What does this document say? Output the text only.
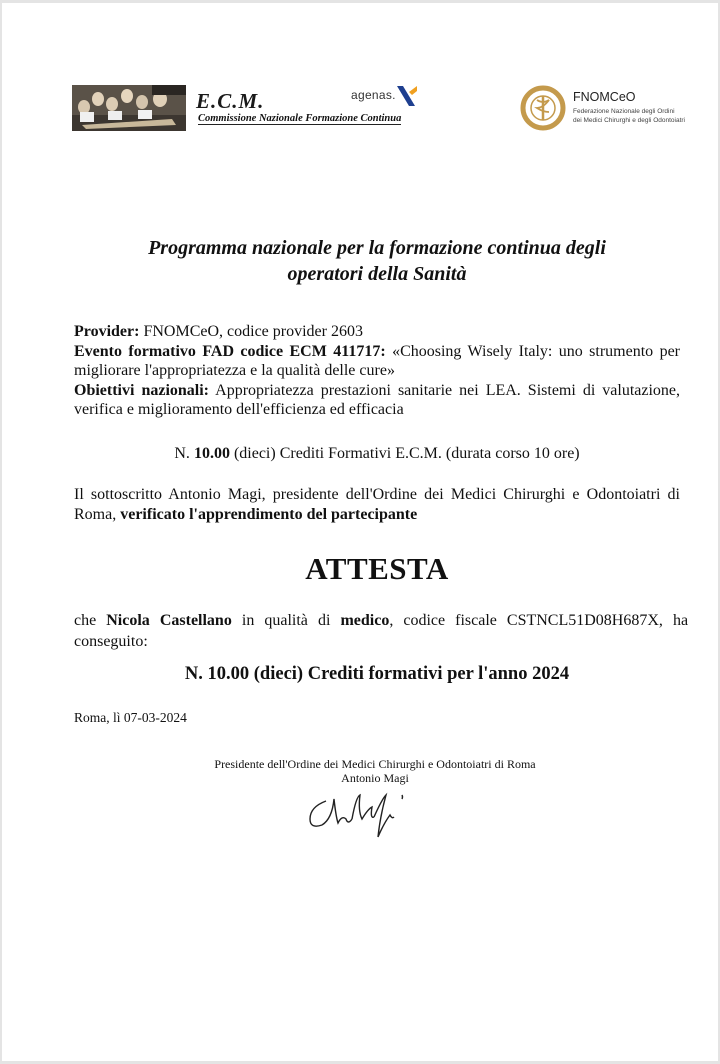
E.C.M.
Commissione Nazionale Formazione Continua
agenas.	FNOMCeO
Federazione Nazionale degli Ordini
dei Medici Chirurghi e degli Odontoiatri
Programma nazionale per la formazione continua degli
operatori della Sanità

Provider: FNOMCeO, codice provider 2603

Evento formativo FAD codice ECM 411717: «Choosing Wisely Italy: uno strumento per migliorare l'appropriatezza e la qualità delle cure»

Obiettivi nazionali: Appropriatezza prestazioni sanitarie nei LEA. Sistemi di valutazione, verifica e miglioramento dell'efficienza ed efficacia

N. 10.00 (dieci) Crediti Formativi E.C.M. (durata corso 10 ore)
Il sottoscritto Antonio Magi, presidente dell'Ordine dei Medici Chirurghi e Odontoiatri di Roma, verificato l'apprendimento del partecipante
ATTESTA
che Nicola Castellano in qualità di medico, codice fiscale CSTNCL51D08H687X, ha conseguito:
N. 10.00 (dieci) Crediti formativi per l'anno 2024
Roma, lì 07-03-2024
Presidente dell'Ordine dei Medici Chirurghi e Odontoiatri di Roma
Antonio Magi
